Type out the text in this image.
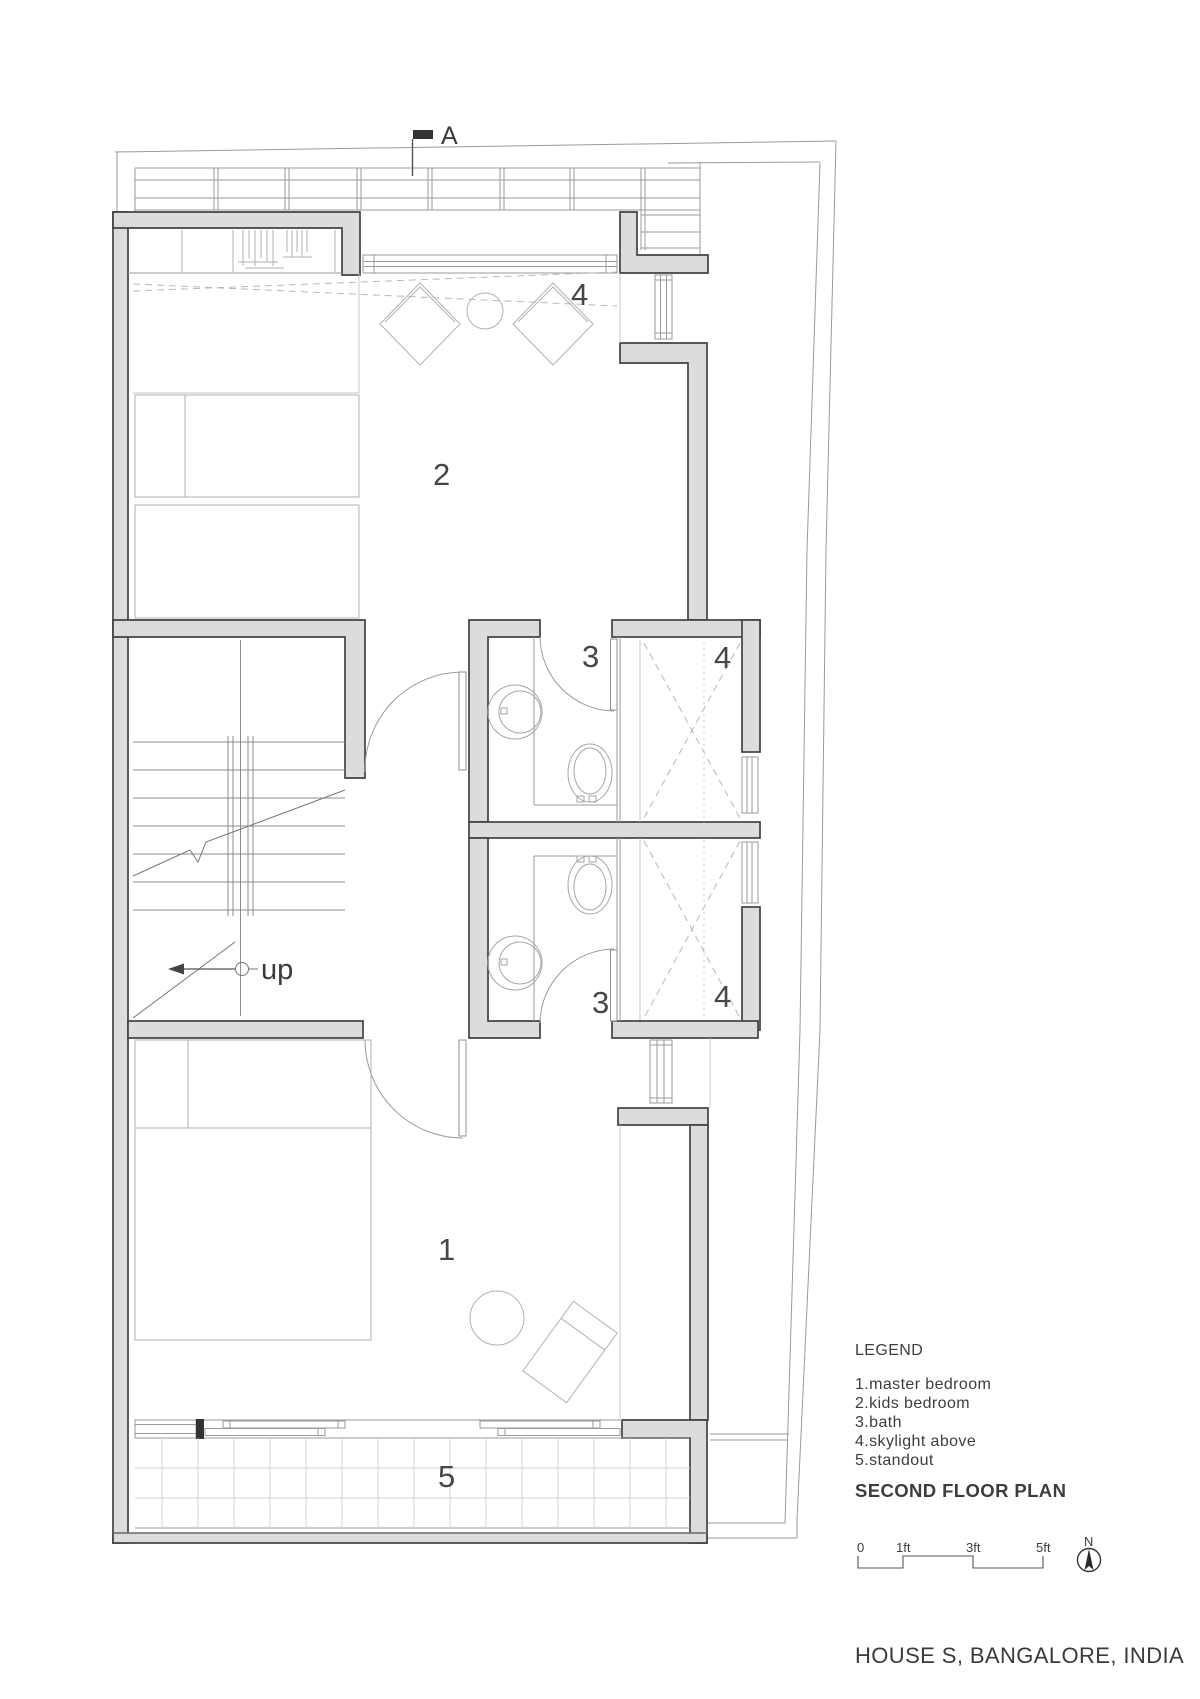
A
up
2
1
3
3
4
4
4
5
LEGEND
1.master bedroom
2.kids bedroom
3.bath
4.skylight above
5.standout
SECOND FLOOR PLAN
0 1ft	3ft	5ft	N
HOUSE S, BANGALORE, INDIA
